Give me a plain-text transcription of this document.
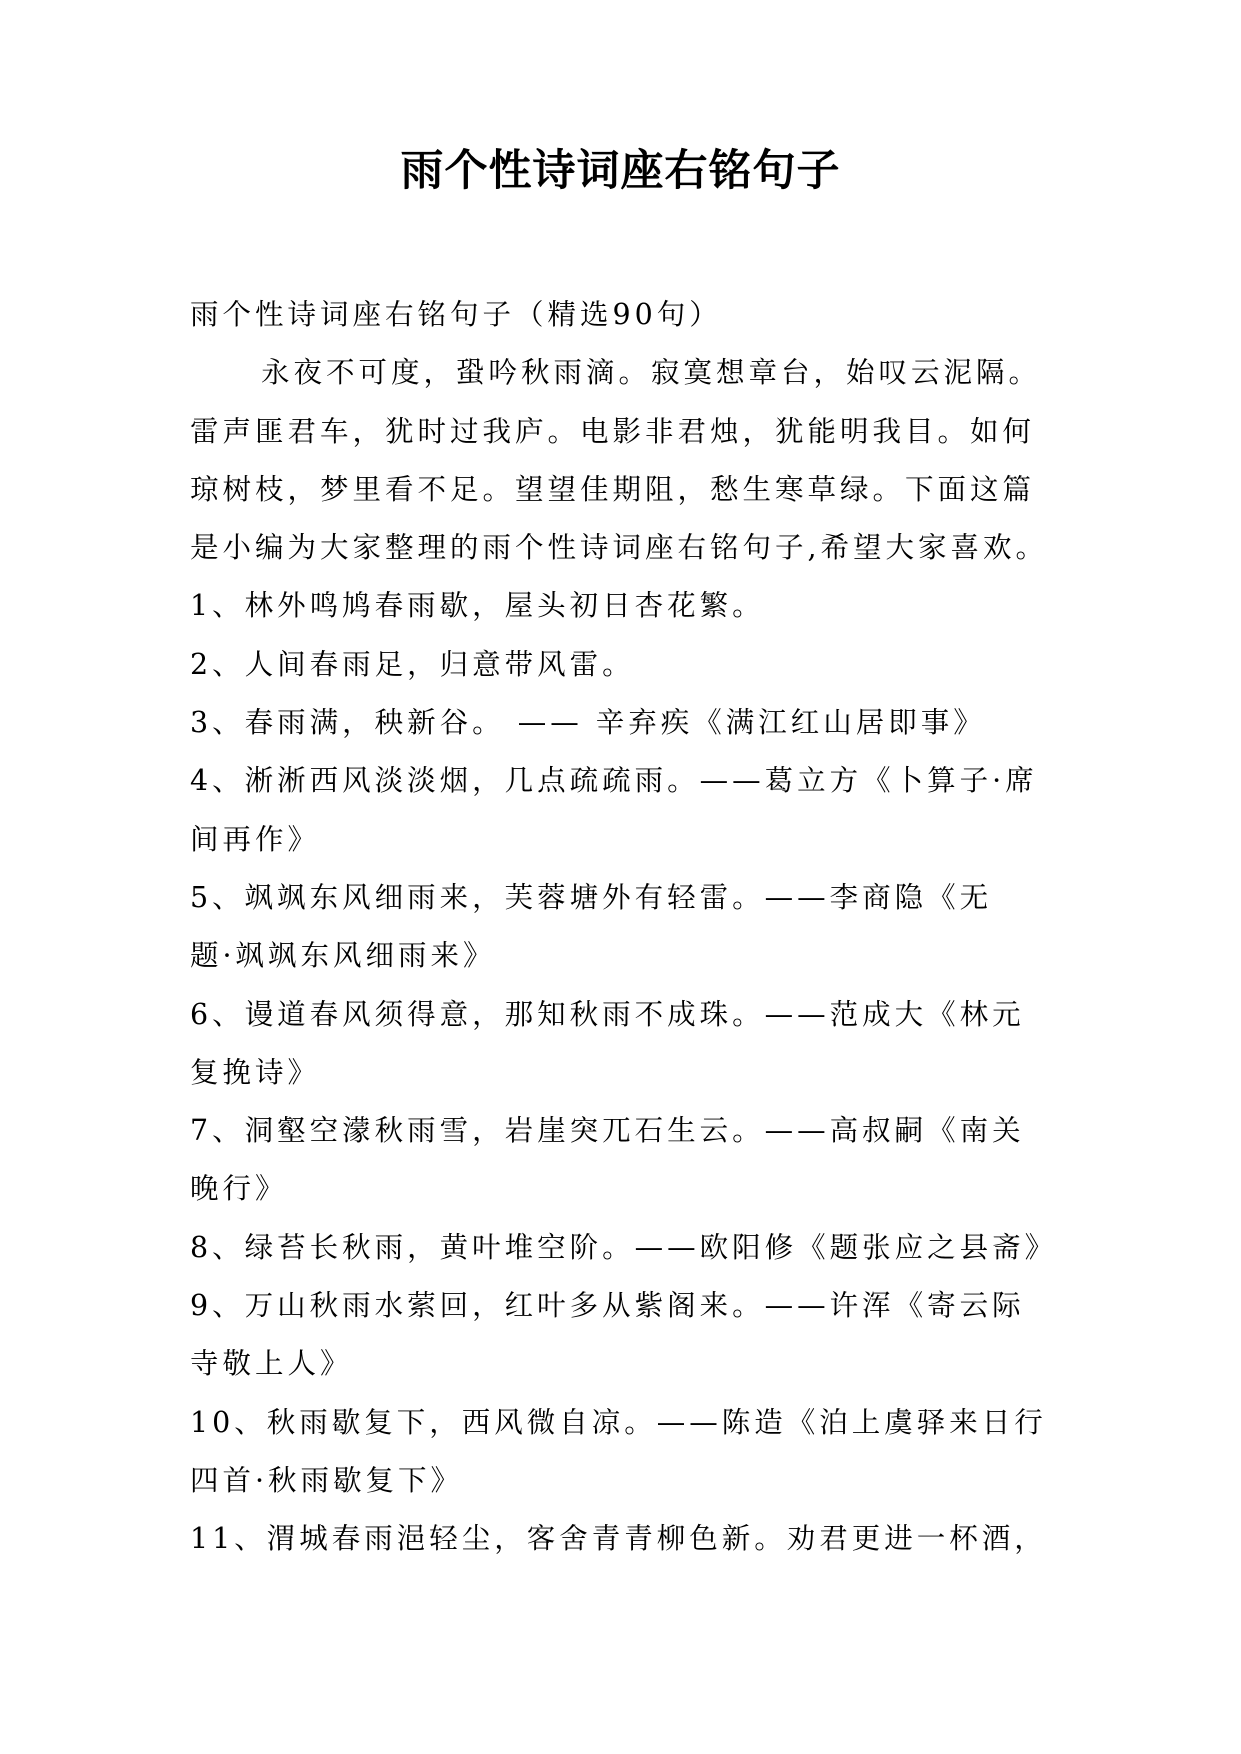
雨个性诗词座右铭句子
雨个性诗词座右铭句子（精选90句）
永夜不可度，蛩吟秋雨滴。寂寞想章台，始叹云泥隔。
雷声匪君车，犹时过我庐。电影非君烛，犹能明我目。如何
琼树枝，梦里看不足。望望佳期阻，愁生寒草绿。下面这篇
是小编为大家整理的雨个性诗词座右铭句子,希望大家喜欢。
1、林外鸣鸠春雨歇，屋头初日杏花繁。
2、人间春雨足，归意带风雷。
3、春雨满，秧新谷。 —— 辛弃疾《满江红山居即事》
4、淅淅西风淡淡烟，几点疏疏雨。——葛立方《卜算子·席
间再作》
5、飒飒东风细雨来，芙蓉塘外有轻雷。——李商隐《无
题·飒飒东风细雨来》
6、谩道春风须得意，那知秋雨不成珠。——范成大《林元
复挽诗》
7、洞壑空濛秋雨雪，岩崖突兀石生云。——高叔嗣《南关
晚行》
8、绿苔长秋雨，黄叶堆空阶。——欧阳修《题张应之县斋》
9、万山秋雨水萦回，红叶多从紫阁来。——许浑《寄云际
寺敬上人》
10、秋雨歇复下，西风微自凉。——陈造《泊上虞驿来日行
四首·秋雨歇复下》
11、渭城春雨浥轻尘，客舍青青柳色新。劝君更进一杯酒，
